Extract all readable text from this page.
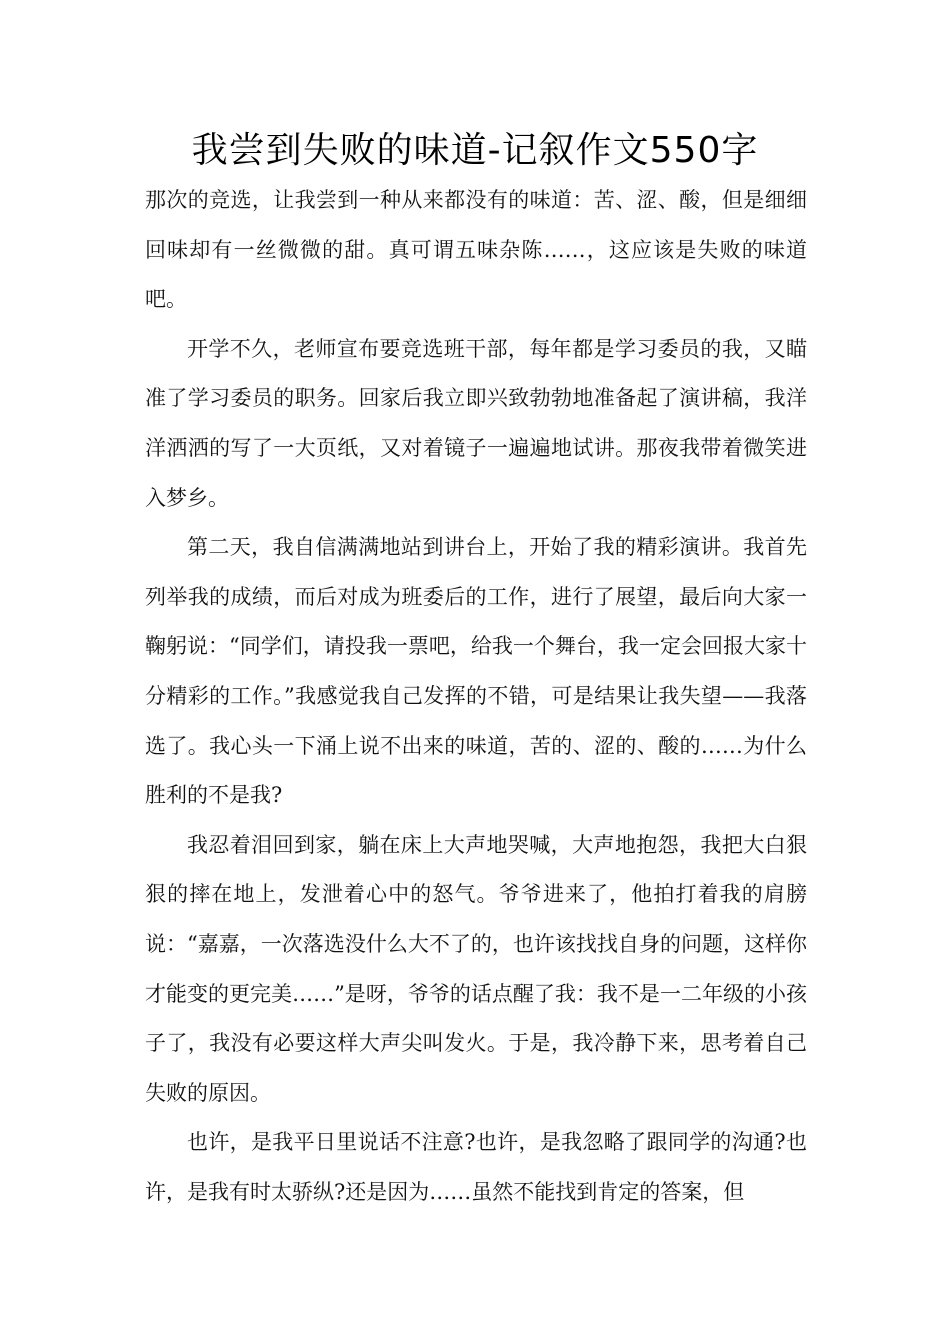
我尝到失败的味道-记叙作文550字

那次的竞选，让我尝到一种从来都没有的味道：苦、涩、酸，但是细细回味却有一丝微微的甜。真可谓五味杂陈……，这应该是失败的味道吧。

开学不久，老师宣布要竞选班干部，每年都是学习委员的我，又瞄准了学习委员的职务。回家后我立即兴致勃勃地准备起了演讲稿，我洋洋洒洒的写了一大页纸，又对着镜子一遍遍地试讲。那夜我带着微笑进入梦乡。

第二天，我自信满满地站到讲台上，开始了我的精彩演讲。我首先列举我的成绩，而后对成为班委后的工作，进行了展望，最后向大家一鞠躬说：“同学们，请投我一票吧，给我一个舞台，我一定会回报大家十分精彩的工作。”我感觉我自己发挥的不错，可是结果让我失望——我落选了。我心头一下涌上说不出来的味道，苦的、涩的、酸的……为什么胜利的不是我?

我忍着泪回到家，躺在床上大声地哭喊，大声地抱怨，我把大白狠狠的摔在地上，发泄着心中的怒气。爷爷进来了，他拍打着我的肩膀说：“嘉嘉，一次落选没什么大不了的，也许该找找自身的问题，这样你才能变的更完美……”是呀，爷爷的话点醒了我：我不是一二年级的小孩子了，我没有必要这样大声尖叫发火。于是，我冷静下来，思考着自己失败的原因。

也许，是我平日里说话不注意?也许，是我忽略了跟同学的沟通?也许，是我有时太骄纵?还是因为……虽然不能找到肯定的答案，但
